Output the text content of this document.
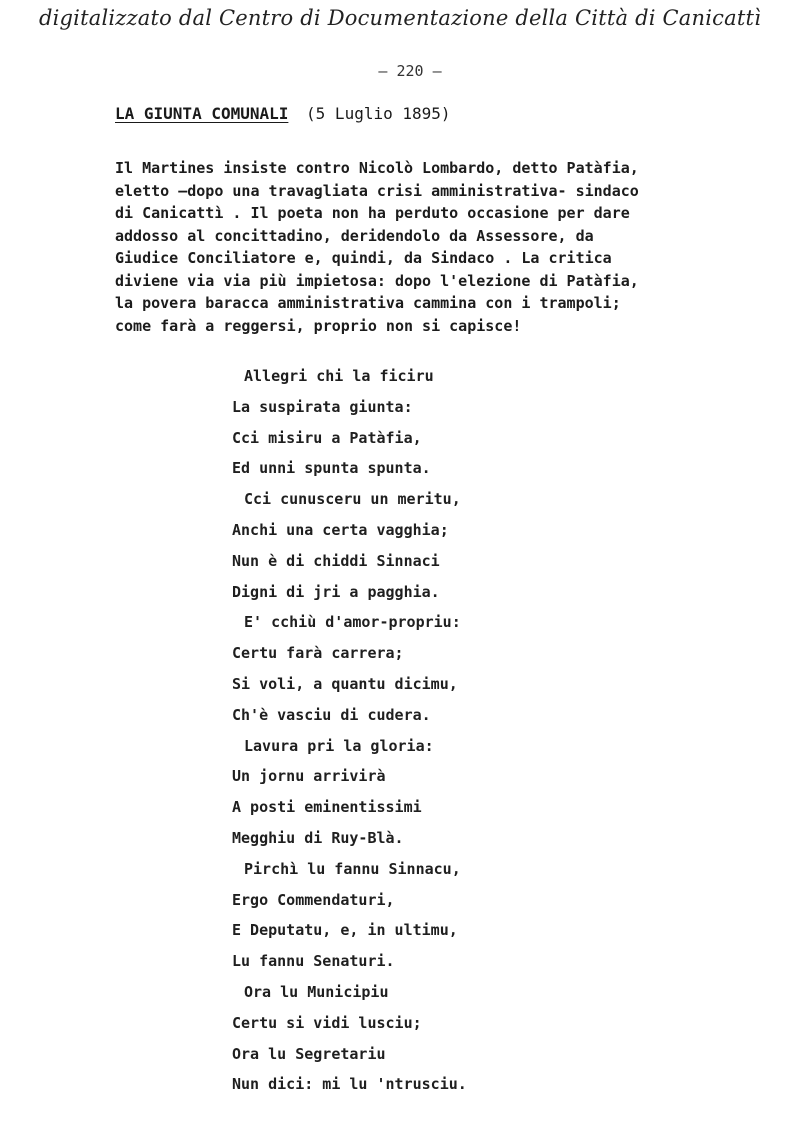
digitalizzato dal Centro di Documentazione della Città di Canicattì
– 220 –
LA GIUNTA COMUNALI (5 Luglio 1895)
Il Martines insiste contro Nicolò Lombardo, detto Patàfia,
eletto –dopo una travagliata crisi amministrativa- sindaco
di Canicattì . Il poeta non ha perduto occasione per dare
addosso al concittadino, deridendolo da Assessore, da
Giudice Conciliatore e, quindi, da Sindaco . La critica
diviene via via più impietosa: dopo l'elezione di Patàfia,
la povera baracca amministrativa cammina con i trampoli;
come farà a reggersi, proprio non si capisce!
Allegri chi la ficiru
La suspirata giunta:
Cci misiru a Patàfia,
Ed unni spunta spunta.
Cci cunusceru un meritu,
Anchi una certa vagghia;
Nun è di chiddi Sinnaci
Digni di jri a pagghia.
E' cchiù d'amor-propriu:
Certu farà carrera;
Si voli, a quantu dicimu,
Ch'è vasciu di cudera.
Lavura pri la gloria:
Un jornu arrivirà
A posti eminentissimi
Megghiu di Ruy-Blà.
Pirchì lu fannu Sinnacu,
Ergo Commendaturi,
E Deputatu, e, in ultimu,
Lu fannu Senaturi.
Ora lu Municipiu
Certu si vidi lusciu;
Ora lu Segretariu
Nun dici: mi lu 'ntrusciu.
